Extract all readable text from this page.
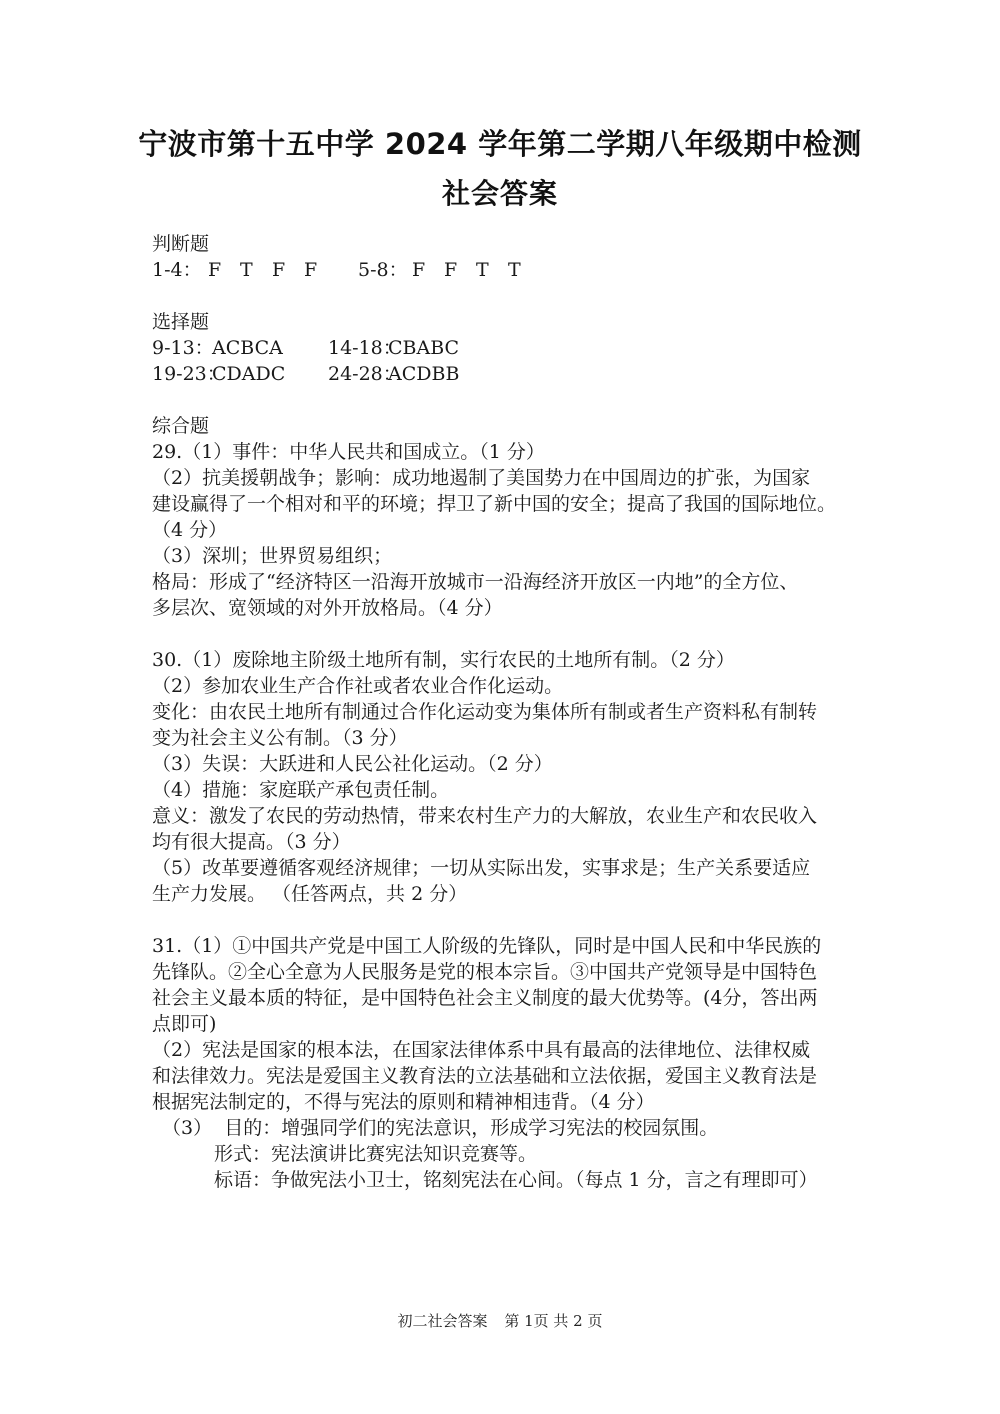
宁波市第十五中学 2024 学年第二学期八年级期中检测
社会答案
判断题
1-4： F T F F 5-8： F F T T
选择题
9-13：ACBCA 14-18：CBABC
19-23：CDADC 24-28：ACDBB
综合题
29.（1）事件：中华人民共和国成立。（1 分）
（2）抗美援朝战争；影响：成功地遏制了美国势力在中国周边的扩张，为国家
建设赢得了一个相对和平的环境；捍卫了新中国的安全；提高了我国的国际地位。
（4 分）
（3）深圳；世界贸易组织；
格局：形成了“经济特区一沿海开放城市一沿海经济开放区一内地”的全方位、
多层次、宽领域的对外开放格局。（4 分）
30.（1）废除地主阶级土地所有制，实行农民的土地所有制。（2 分）
（2）参加农业生产合作社或者农业合作化运动。
变化：由农民土地所有制通过合作化运动变为集体所有制或者生产资料私有制转
变为社会主义公有制。（3 分）
（3）失误：大跃进和人民公社化运动。（2 分）
（4）措施：家庭联产承包责任制。
意义：激发了农民的劳动热情，带来农村生产力的大解放，农业生产和农民收入
均有很大提高。（3 分）
（5）改革要遵循客观经济规律；一切从实际出发，实事求是；生产关系要适应
生产力发展。 （任答两点，共 2 分）
31.（1）①中国共产党是中国工人阶级的先锋队，同时是中国人民和中华民族的
先锋队。②全心全意为人民服务是党的根本宗旨。③中国共产党领导是中国特色
社会主义最本质的特征，是中国特色社会主义制度的最大优势等。(4分，答出两
点即可)
（2）宪法是国家的根本法，在国家法律体系中具有最高的法律地位、法律权威
和法律效力。宪法是爱国主义教育法的立法基础和立法依据，爱国主义教育法是
根据宪法制定的，不得与宪法的原则和精神相违背。（4 分）
（3） 目的：增强同学们的宪法意识，形成学习宪法的校园氛围。
形式：宪法演讲比赛宪法知识竞赛等。
标语：争做宪法小卫士，铭刻宪法在心间。（每点 1 分，言之有理即可）
初二社会答案 第 1页 共 2 页
